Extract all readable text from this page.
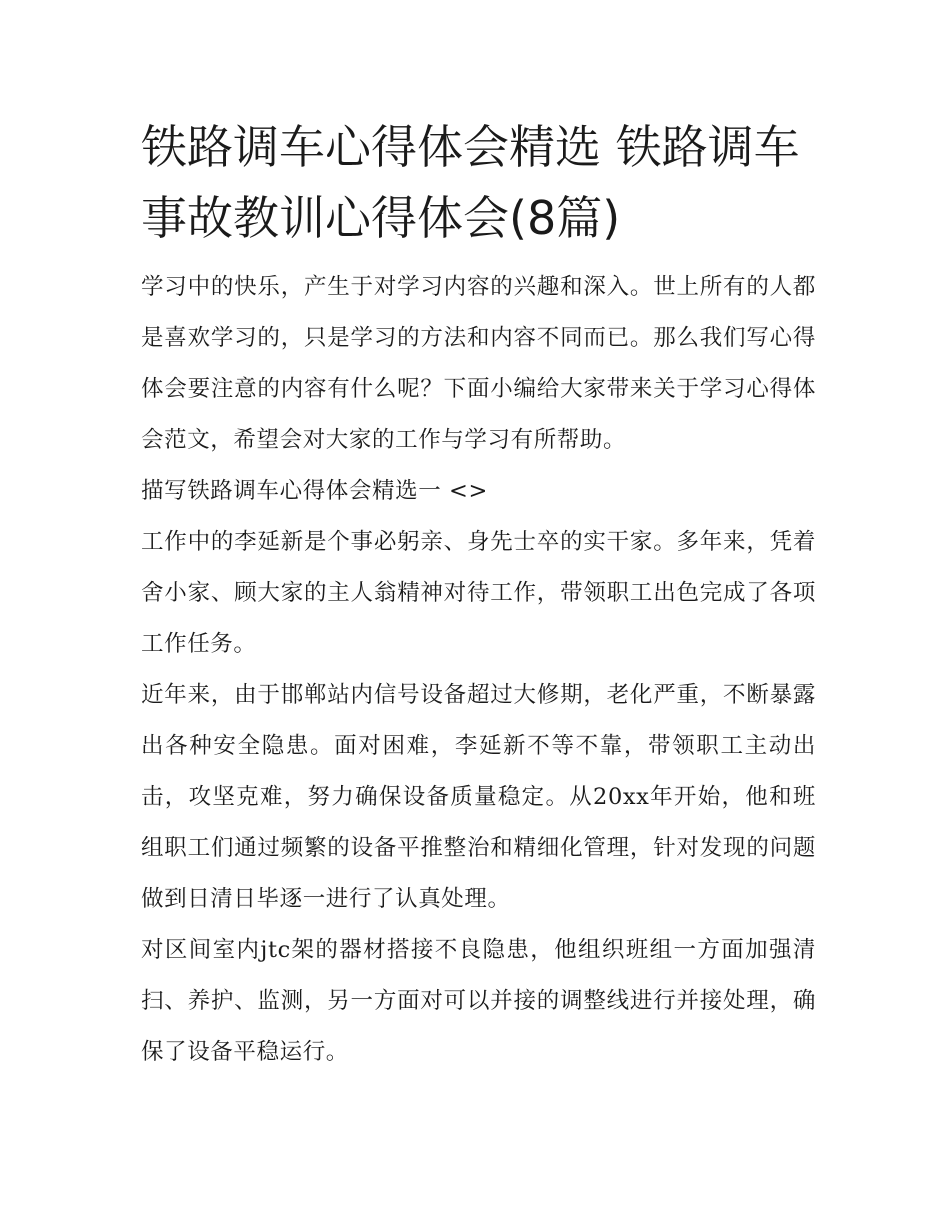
铁路调车心得体会精选 铁路调车事故教训心得体会(8篇)

学习中的快乐，产生于对学习内容的兴趣和深入。世上所有的人都是喜欢学习的，只是学习的方法和内容不同而已。那么我们写心得体会要注意的内容有什么呢？下面小编给大家带来关于学习心得体会范文，希望会对大家的工作与学习有所帮助。

描写铁路调车心得体会精选一 <>

工作中的李延新是个事必躬亲、身先士卒的实干家。多年来，凭着舍小家、顾大家的主人翁精神对待工作，带领职工出色完成了各项工作任务。

近年来，由于邯郸站内信号设备超过大修期，老化严重，不断暴露出各种安全隐患。面对困难，李延新不等不靠，带领职工主动出击，攻坚克难，努力确保设备质量稳定。从20xx年开始，他和班组职工们通过频繁的设备平推整治和精细化管理，针对发现的问题做到日清日毕逐一进行了认真处理。

对区间室内jtc架的器材搭接不良隐患，他组织班组一方面加强清扫、养护、监测，另一方面对可以并接的调整线进行并接处理，确保了设备平稳运行。
